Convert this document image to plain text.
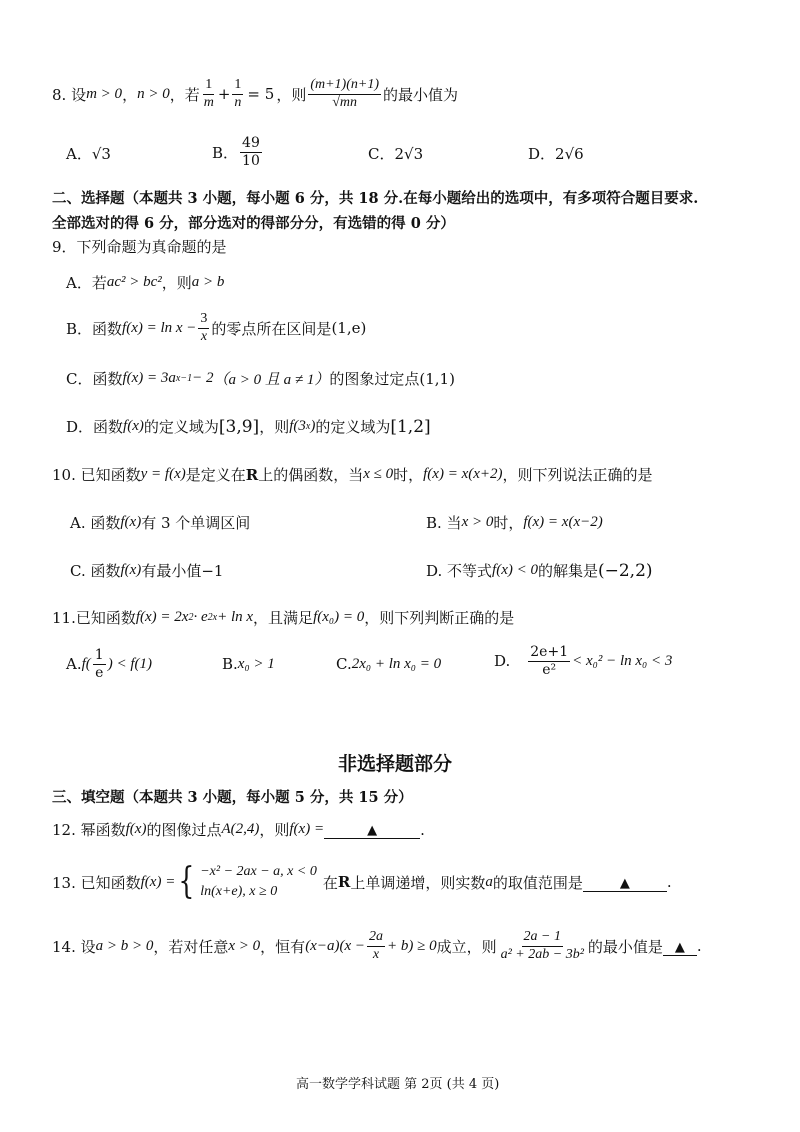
8. 设 m > 0 ， n > 0 ，若 $\frac{1}{m} + \frac{1}{n} = 5$ ，则 $\frac{(m+1)(n+1)}{√mn}$ 的最小值为
A． √3	B． $\frac{49}{10}$	C． 2√3	D． 2√6
二、选择题（本题共 3 小题，每小题 6 分，共 18 分.在每小题给出的选项中，有多项符合题目要求.
全部选对的得 6 分，部分选对的得部分分，有选错的得 0 分）
9．下列命题为真命题的是
A．若 ac² > bc² ，则 a > b
B．函数 $f(x) = \ln x - \frac{3}{x}$ 的零点所在区间是 (1,e)
C．函数 f(x) = 3a x−1 − 2 （a > 0 且 a ≠ 1） 的图象过定点 (1,1)
D．函数 f(x) 的定义域为 [3,9] ，则 f(3 x ) 的定义域为 [1,2]
10. 已知函数 y = f(x) 是定义在 R 上的偶函数，当 x ≤ 0 时， f(x) = x(x+2) ，则下列说法正确的是
A. 函数 f(x) 有 3 个单调区间	B. 当 x > 0 时， f(x) = x(x−2)
C. 函数 f(x) 有最小值 −1	D. 不等式 f(x) < 0 的解集是 (−2,2)
11.已知函数 f(x) = 2x 2 · e 2x + ln x ，且满足 f(x₀) = 0 ，则下列判断正确的是
A. $f( \frac{1}{e}$ ) < f(1)	B. x₀ > 1	C. 2x₀ + ln x₀ = 0	D. $\frac{2e+1}{\text{e²}} < x_0^2 - \ln x_0 < 3$
非选择题部分
三、填空题（本题共 3 小题，每小题 5 分，共 15 分）
12. 幂函数 f(x) 的图像过点 A(2,4) ，则 f(x) =	▲	.
13. 已知函数 f(x) = { −x² − 2ax − a, x < 0
ln(x+e), x ≥ 0	在 R 上单调递增，则实数 a 的取值范围是	▲	.
14. 设 a > b > 0 ，若对任意 x > 0 ，恒有 $(x-a)(x - \frac{2a}{x} + b) \ge 0$ 成立，则 $\frac{2a - 1}{\text{a² + 2ab − 3b²}}$ 的最小值是 ▲ .
高一数学学科试题 第 2页 (共 4 页)
